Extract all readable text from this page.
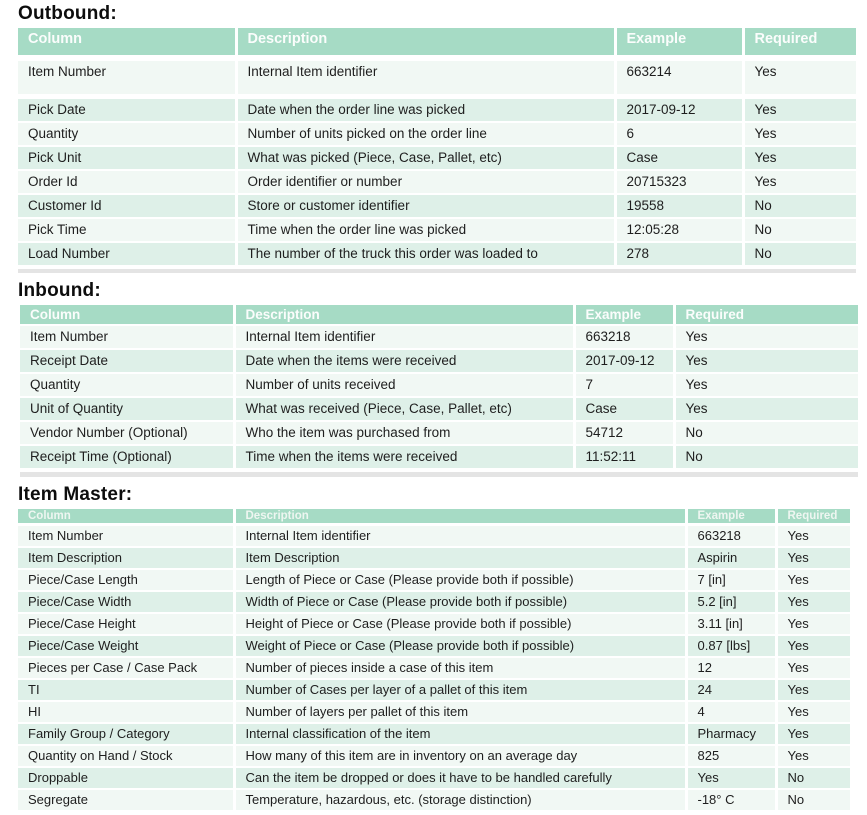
Outbound:
Column	Description	Example	Required
Item Number	Internal Item identifier	663214	Yes
Pick Date	Date when the order line was picked	2017-09-12	Yes
Quantity	Number of units picked on the order line	6	Yes
Pick Unit	What was picked (Piece, Case, Pallet, etc)	Case	Yes
Order Id	Order identifier or number	20715323	Yes
Customer Id	Store or customer identifier	19558	No
Pick Time	Time when the order line was picked	12:05:28	No
Load Number	The number of the truck this order was loaded to	278	No
Inbound:
Column	Description	Example	Required
Item Number	Internal Item identifier	663218	Yes
Receipt Date	Date when the items were received	2017-09-12	Yes
Quantity	Number of units received	7	Yes
Unit of Quantity	What was received (Piece, Case, Pallet, etc)	Case	Yes
Vendor Number (Optional)	Who the item was purchased from	54712	No
Receipt Time (Optional)	Time when the items were received	11:52:11	No
Item Master:
Column	Description	Example	Required
Item Number	Internal Item identifier	663218	Yes
Item Description	Item Description	Aspirin	Yes
Piece/Case Length	Length of Piece or Case (Please provide both if possible)	7 [in]	Yes
Piece/Case Width	Width of Piece or Case (Please provide both if possible)	5.2 [in]	Yes
Piece/Case Height	Height of Piece or Case (Please provide both if possible)	3.11 [in]	Yes
Piece/Case Weight	Weight of Piece or Case (Please provide both if possible)	0.87 [lbs]	Yes
Pieces per Case / Case Pack	Number of pieces inside a case of this item	12	Yes
TI	Number of Cases per layer of a pallet of this item	24	Yes
HI	Number of layers per pallet of this item	4	Yes
Family Group / Category	Internal classification of the item	Pharmacy	Yes
Quantity on Hand / Stock	How many of this item are in inventory on an average day	825	Yes
Droppable	Can the item be dropped or does it have to be handled carefully	Yes	No
Segregate	Temperature, hazardous, etc. (storage distinction)	-18° C	No
